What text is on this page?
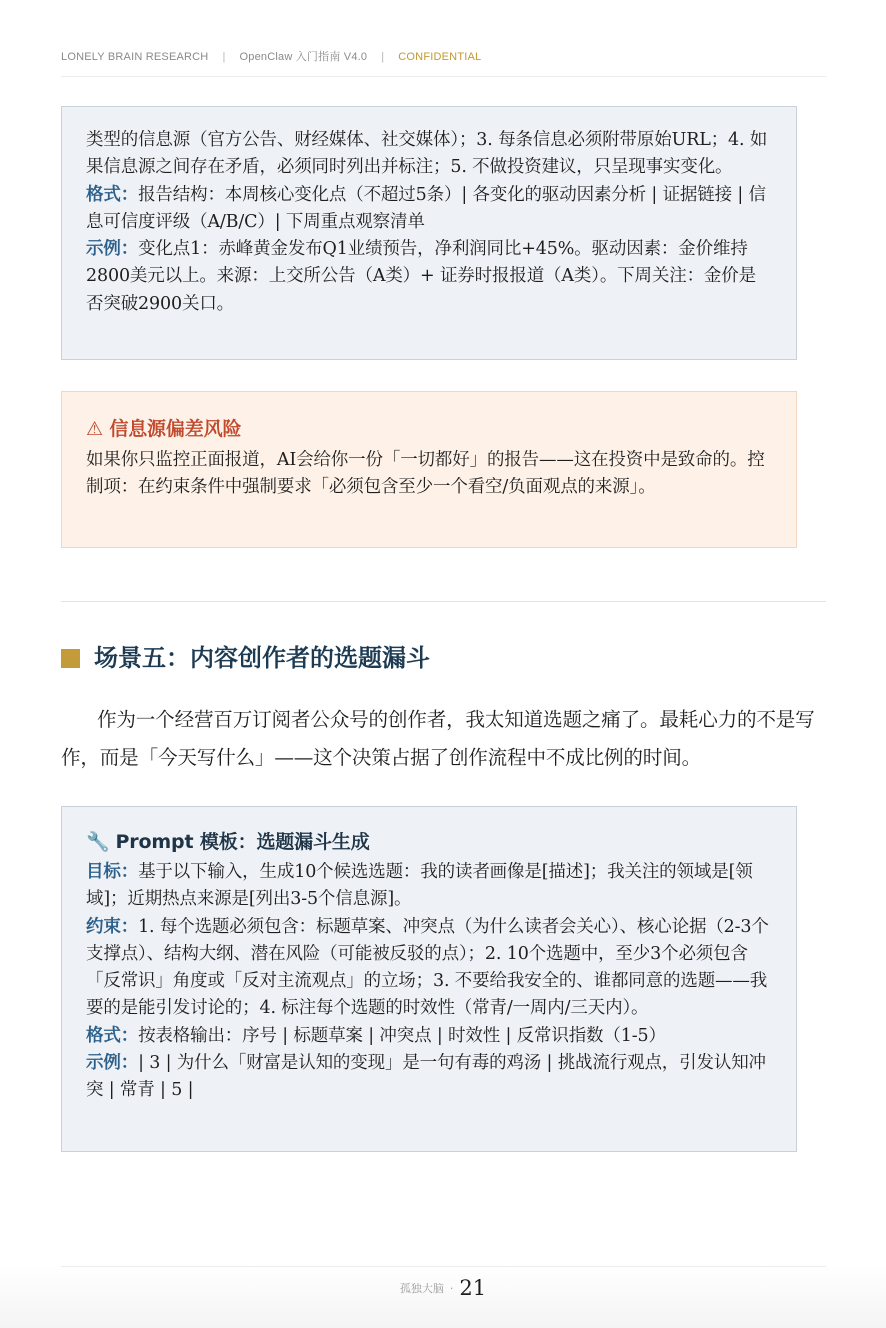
LONELY BRAIN RESEARCH | OpenClaw 入门指南 V4.0 | CONFIDENTIAL

类型的信息源（官方公告、财经媒体、社交媒体）；3. 每条信息必须附带原始URL；4. 如果信息源之间存在矛盾，必须同时列出并标注；5. 不做投资建议，只呈现事实变化。

格式：报告结构：本周核心变化点（不超过5条）| 各变化的驱动因素分析 | 证据链接 | 信息可信度评级（A/B/C）| 下周重点观察清单

示例：变化点1：赤峰黄金发布Q1业绩预告，净利润同比+45%。驱动因素：金价维持2800美元以上。来源：上交所公告（A类）+ 证券时报报道（A类）。下周关注：金价是否突破2900关口。

⚠ 信息源偏差风险

如果你只监控正面报道，AI会给你一份「一切都好」的报告——这在投资中是致命的。控制项：在约束条件中强制要求「必须包含至少一个看空/负面观点的来源」。

场景五：内容创作者的选题漏斗

作为一个经营百万订阅者公众号的创作者，我太知道选题之痛了。最耗心力的不是写作，而是「今天写什么」——这个决策占据了创作流程中不成比例的时间。

🔧 Prompt 模板：选题漏斗生成

目标：基于以下输入，生成10个候选选题：我的读者画像是[描述]；我关注的领域是[领域]；近期热点来源是[列出3-5个信息源]。

约束：1. 每个选题必须包含：标题草案、冲突点（为什么读者会关心）、核心论据（2-3个支撑点）、结构大纲、潜在风险（可能被反驳的点）；2. 10个选题中，至少3个必须包含「反常识」角度或「反对主流观点」的立场；3. 不要给我安全的、谁都同意的选题——我要的是能引发讨论的；4. 标注每个选题的时效性（常青/一周内/三天内）。

格式：按表格输出：序号 | 标题草案 | 冲突点 | 时效性 | 反常识指数（1-5）

示例：| 3 | 为什么「财富是认知的变现」是一句有毒的鸡汤 | 挑战流行观点，引发认知冲突 | 常青 | 5 |

孤独大脑 · 21
